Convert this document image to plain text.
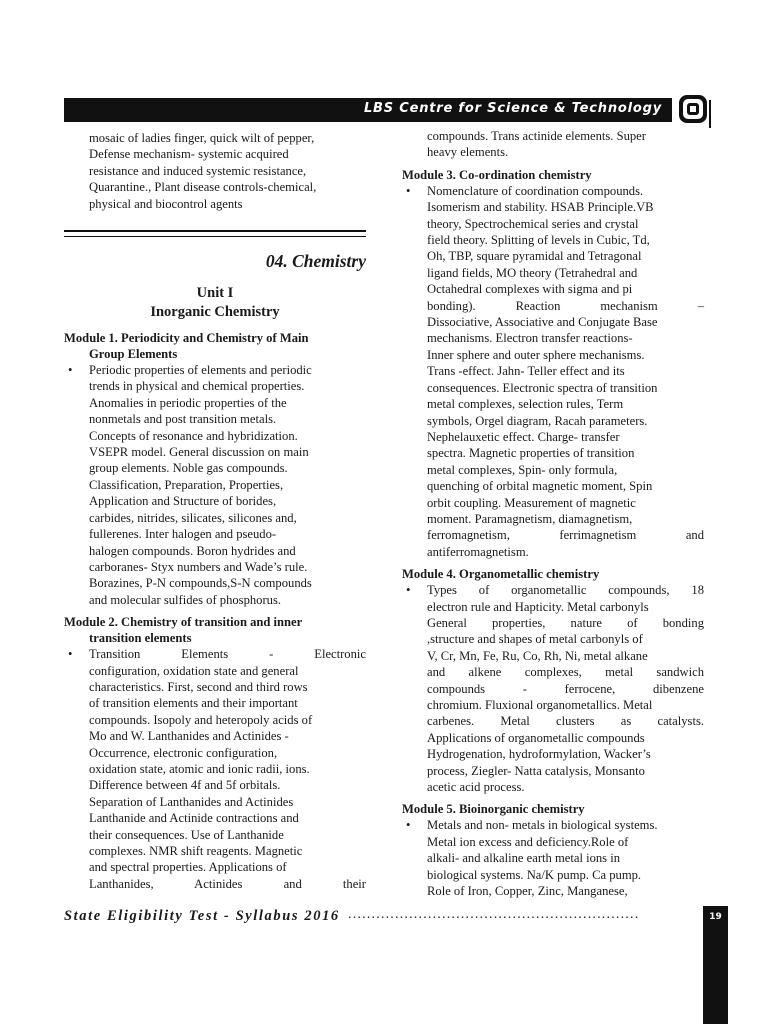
LBS Centre for Science & Technology

mosaic of ladies finger, quick wilt of pepper,

Defense mechanism- systemic acquired

resistance and induced systemic resistance,

Quarantine., Plant disease controls-chemical,

physical and biocontrol agents

04. Chemistry

Unit I

Inorganic Chemistry

Module 1. Periodicity and Chemistry of Main
Group Elements
• Periodic properties of elements and periodic

trends in physical and chemical properties.

Anomalies in periodic properties of the

nonmetals and post transition metals.

Concepts of resonance and hybridization.

VSEPR model. General discussion on main

group elements. Noble gas compounds.

Classification, Preparation, Properties,

Application and Structure of borides,

carbides, nitrides, silicates, silicones and,

fullerenes. Inter halogen and pseudo-

halogen compounds. Boron hydrides and

carboranes- Styx numbers and Wade’s rule.

Borazines, P-N compounds,S-N compounds

and molecular sulfides of phosphorus.

Module 2. Chemistry of transition and inner
transition elements
• Transition Elements - Electronic

configuration, oxidation state and general

characteristics. First, second and third rows

of transition elements and their important

compounds. Isopoly and heteropoly acids of

Mo and W. Lanthanides and Actinides -

Occurrence, electronic configuration,

oxidation state, atomic and ionic radii, ions.

Difference between 4f and 5f orbitals.

Separation of Lanthanides and Actinides

Lanthanide and Actinide contractions and

their consequences. Use of Lanthanide

complexes. NMR shift reagents. Magnetic

and spectral properties. Applications of

Lanthanides, Actinides and their

compounds. Trans actinide elements. Super

heavy elements.

Module 3. Co-ordination chemistry
• Nomenclature of coordination compounds.

Isomerism and stability. HSAB Principle.VB

theory, Spectrochemical series and crystal

field theory. Splitting of levels in Cubic, Td,

Oh, TBP, square pyramidal and Tetragonal

ligand fields, MO theory (Tetrahedral and

Octahedral complexes with sigma and pi

bonding). Reaction mechanism –

Dissociative, Associative and Conjugate Base

mechanisms. Electron transfer reactions-

Inner sphere and outer sphere mechanisms.

Trans -effect. Jahn- Teller effect and its

consequences. Electronic spectra of transition

metal complexes, selection rules, Term

symbols, Orgel diagram, Racah parameters.

Nephelauxetic effect. Charge- transfer

spectra. Magnetic properties of transition

metal complexes, Spin- only formula,

quenching of orbital magnetic moment, Spin

orbit coupling. Measurement of magnetic

moment. Paramagnetism, diamagnetism,

ferromagnetism, ferrimagnetism and

antiferromagnetism.

Module 4. Organometallic chemistry
• Types of organometallic compounds, 18

electron rule and Hapticity. Metal carbonyls

General properties, nature of bonding

,structure and shapes of metal carbonyls of

V, Cr, Mn, Fe, Ru, Co, Rh, Ni, metal alkane

and alkene complexes, metal sandwich

compounds - ferrocene, dibenzene

chromium. Fluxional organometallics. Metal

carbenes. Metal clusters as catalysts.

Applications of organometallic compounds

Hydrogenation, hydroformylation, Wacker’s

process, Ziegler- Natta catalysis, Monsanto

acetic acid process.

Module 5. Bioinorganic chemistry
• Metals and non- metals in biological systems.

Metal ion excess and deficiency.Role of

alkali- and alkaline earth metal ions in

biological systems. Na/K pump. Ca pump.

Role of Iron, Copper, Zinc, Manganese,

State Eligibility Test - Syllabus 2016 ..............................................................	19
